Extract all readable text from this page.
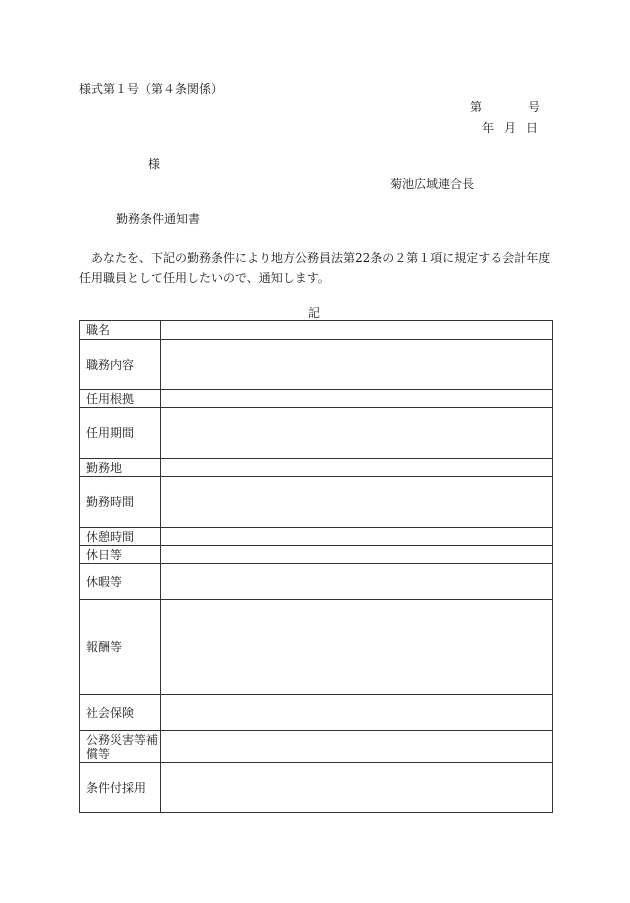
様式第１号（第４条関係）
第	号
年 月 日
様
菊池広域連合長
勤務条件通知書
あなたを、下記の勤務条件により地方公務員法第22条の２第１項に規定する会計年度任用職員として任用したいので、通知します。
記
職名	
職務内容	
任用根拠	
任用期間	
勤務地	
勤務時間	
休憩時間	
休日等	
休暇等	
報酬等	
社会保険	
公務災害等補償等	
条件付採用	
